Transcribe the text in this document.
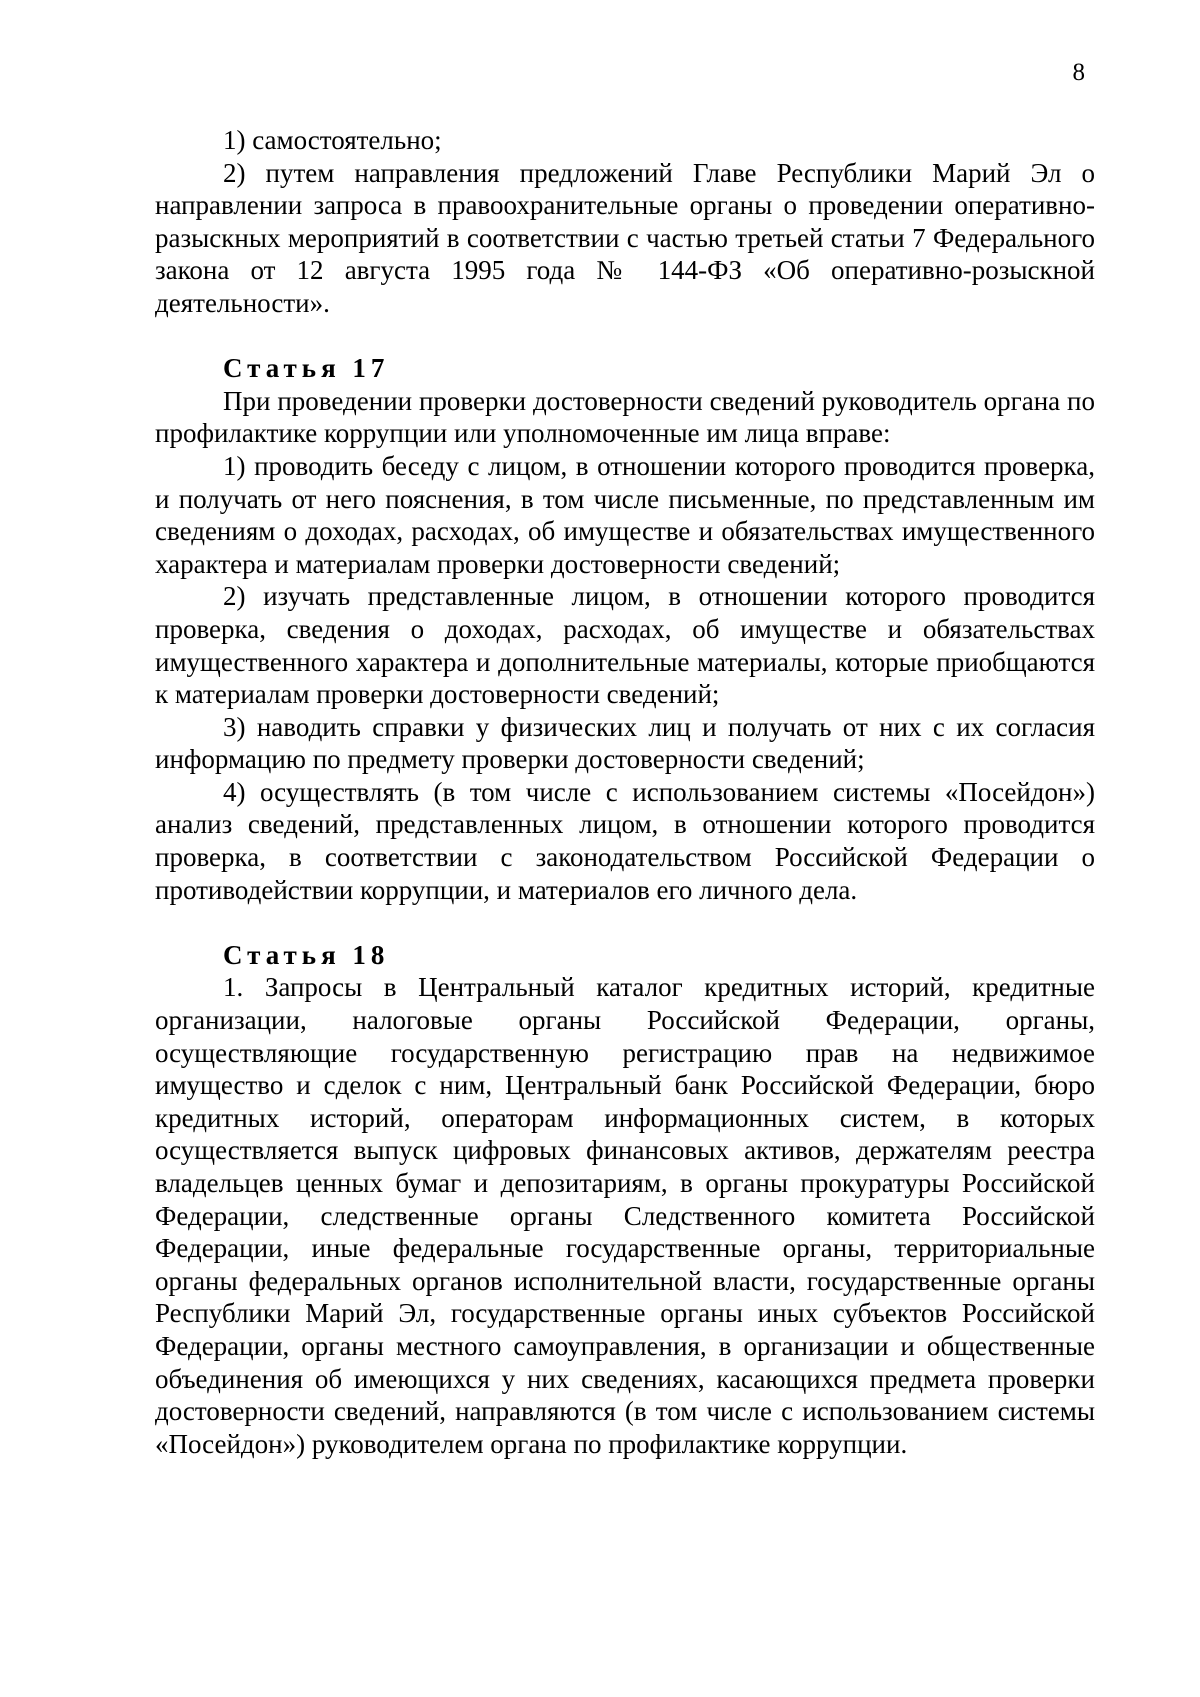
8

1) самостоятельно;

2) путем направления предложений Главе Республики Марий Эл о направлении запроса в правоохранительные органы о проведении оперативно-разыскных мероприятий в соответствии с частью третьей статьи 7 Федерального закона от 12 августа 1995 года № 144-ФЗ «Об оперативно-розыскной деятельности».

Статья 17

При проведении проверки достоверности сведений руководитель органа по профилактике коррупции или уполномоченные им лица вправе:

1) проводить беседу с лицом, в отношении которого проводится проверка, и получать от него пояснения, в том числе письменные, по представленным им сведениям о доходах, расходах, об имуществе и обязательствах имущественного характера и материалам проверки достоверности сведений;

2) изучать представленные лицом, в отношении которого проводится проверка, сведения о доходах, расходах, об имуществе и обязательствах имущественного характера и дополнительные материалы, которые приобщаются к материалам проверки достоверности сведений;

3) наводить справки у физических лиц и получать от них с их согласия информацию по предмету проверки достоверности сведений;

4) осуществлять (в том числе с использованием системы «Посейдон») анализ сведений, представленных лицом, в отношении которого проводится проверка, в соответствии с законодательством Российской Федерации о противодействии коррупции, и материалов его личного дела.

Статья 18

1. Запросы в Центральный каталог кредитных историй, кредитные организации, налоговые органы Российской Федерации, органы, осуществляющие государственную регистрацию прав на недвижимое имущество и сделок с ним, Центральный банк Российской Федерации, бюро кредитных историй, операторам информационных систем, в которых осуществляется выпуск цифровых финансовых активов, держателям реестра владельцев ценных бумаг и депозитариям, в органы прокуратуры Российской Федерации, следственные органы Следственного комитета Российской Федерации, иные федеральные государственные органы, территориальные органы федеральных органов исполнительной власти, государственные органы Республики Марий Эл, государственные органы иных субъектов Российской Федерации, органы местного самоуправления, в организации и общественные объединения об имеющихся у них сведениях, касающихся предмета проверки достоверности сведений, направляются (в том числе с использованием системы «Посейдон») руководителем органа по профилактике коррупции.
